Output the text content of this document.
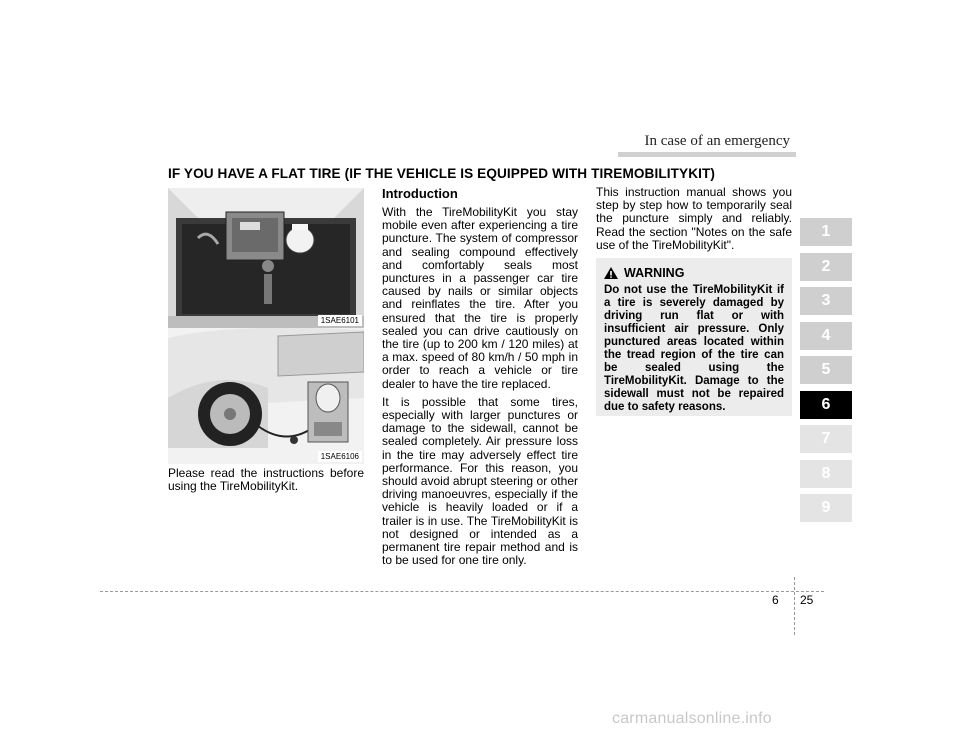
In case of an emergency
IF YOU HAVE A FLAT TIRE (IF THE VEHICLE IS EQUIPPED WITH TIREMOBILITYKIT)
1SAE6101
1SAE6106
Please read the instructions before using the TireMobilityKit.
Introduction

With the TireMobilityKit you stay mobile even after experiencing a tire puncture. The system of compressor and sealing compound effectively and comfortably seals most punctures in a passenger car tire caused by nails or similar objects and reinflates the tire. After you ensured that the tire is properly sealed you can drive cautiously on the tire (up to 200 km / 120 miles) at a max. speed of 80 km/h / 50 mph in order to reach a vehicle or tire dealer to have the tire replaced.

It is possible that some tires, especially with larger punctures or damage to the sidewall, cannot be sealed completely. Air pressure loss in the tire may adversely effect tire performance. For this reason, you should avoid abrupt steering or other driving manoeuvres, especially if the vehicle is heavily loaded or if a trailer is in use. The TireMobilityKit is not designed or intended as a permanent tire repair method and is to be used for one tire only.

This instruction manual shows you step by step how to temporarily seal the puncture simply and reliably. Read the section "Notes on the safe use of the TireMobilityKit".
WARNING
Do not use the TireMobilityKit if a tire is severely damaged by driving run flat or with insufficient air pressure. Only punctured areas located within the tread region of the tire can be sealed using the TireMobilityKit. Damage to the sidewall must not be repaired due to safety reasons.
1
2
3
4
5
6
7
8
9
6 25
carmanualsonline.info
